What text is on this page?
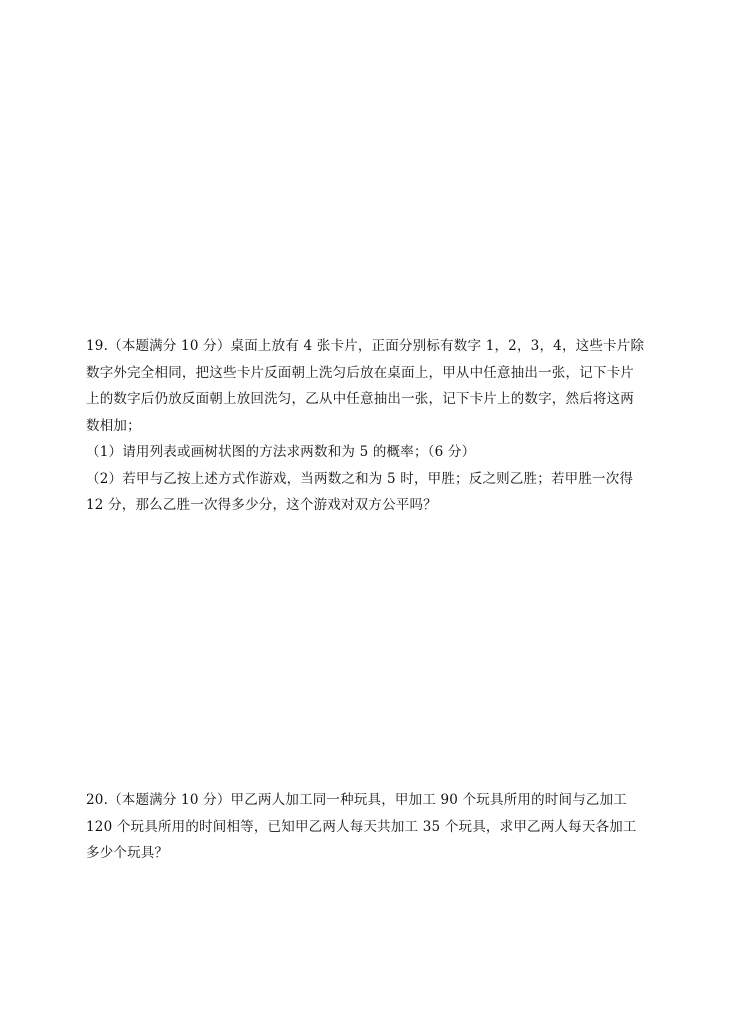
19.（本题满分 10 分）桌面上放有 4 张卡片，正面分别标有数字 1，2，3，4，这些卡片除
数字外完全相同，把这些卡片反面朝上洗匀后放在桌面上，甲从中任意抽出一张，记下卡片
上的数字后仍放反面朝上放回洗匀，乙从中任意抽出一张，记下卡片上的数字，然后将这两
数相加；
（1）请用列表或画树状图的方法求两数和为 5 的概率；（6 分）
（2）若甲与乙按上述方式作游戏，当两数之和为 5 时，甲胜；反之则乙胜；若甲胜一次得
12 分，那么乙胜一次得多少分，这个游戏对双方公平吗？
20.（本题满分 10 分）甲乙两人加工同一种玩具，甲加工 90 个玩具所用的时间与乙加工
120 个玩具所用的时间相等，已知甲乙两人每天共加工 35 个玩具，求甲乙两人每天各加工
多少个玩具？
